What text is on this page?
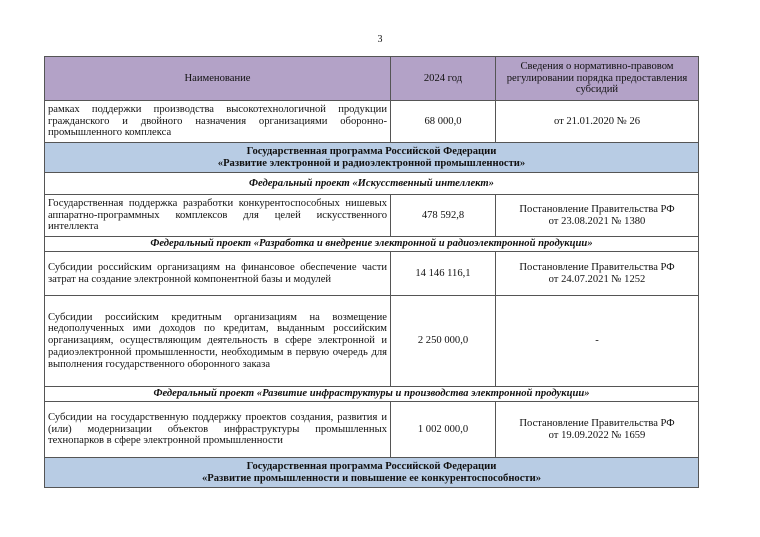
3
Наименование	2024 год	Сведения о нормативно-правовом регулировании порядка предоставления субсидий
рамках поддержки производства высокотехнологичной продукции гражданского и двойного назначения организациями оборонно-промышленного комплекса	68 000,0	от 21.01.2020 № 26

Государственная программа Российской Федерации
«Развитие электронной и радиоэлектронной промышленности»		

Федеральный проект «Искусственный интеллект»		
Государственная поддержка разработки конкурентоспособных нишевых аппаратно-программных комплексов для целей искусственного интеллекта	478 592,8	Постановление Правительства РФ
от 23.08.2021 № 1380

Федеральный проект «Разработка и внедрение электронной и радиоэлектронной продукции»		
Субсидии российским организациям на финансовое обеспечение части затрат на создание электронной компонентной базы и модулей	14 146 116,1	Постановление Правительства РФ
от 24.07.2021 № 1252

Субсидии российским кредитным организациям на возмещение недополученных ими доходов по кредитам, выданным российским организациям, осуществляющим деятельность в сфере электронной и радиоэлектронной промышленности, необходимым в первую очередь для выполнения государственного оборонного заказа	2 250 000,0	-
Федеральный проект «Развитие инфраструктуры и производства электронной продукции»		
Субсидии на государственную поддержку проектов создания, развития и (или) модернизации объектов инфраструктуры промышленных технопарков в сфере электронной промышленности	1 002 000,0	Постановление Правительства РФ
от 19.09.2022 № 1659

Государственная программа Российской Федерации
«Развитие промышленности и повышение ее конкурентоспособности»		
